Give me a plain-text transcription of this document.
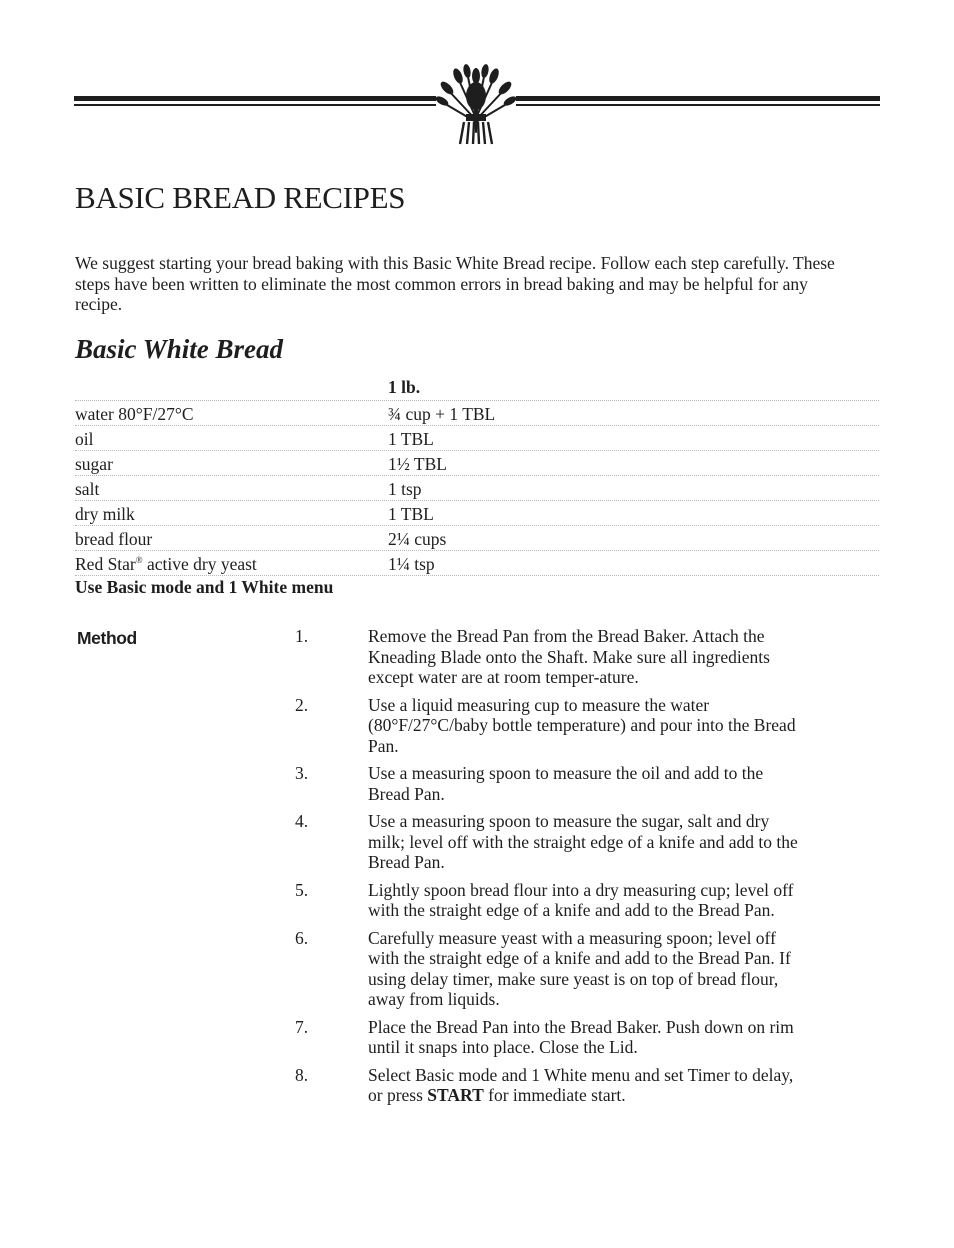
BASIC BREAD RECIPES

We suggest starting your bread baking with this Basic White Bread recipe. Follow each step carefully. These steps have been written to eliminate the most common errors in bread baking and may be helpful for any recipe.

Basic White Bread
1 lb.
water 80°F/27°C	¾ cup + 1 TBL
oil	1 TBL
sugar	1½ TBL
salt	1 tsp
dry milk	1 TBL
bread flour	2¼ cups
Red Star® active dry yeast	1¼ tsp

Use Basic mode and 1 White menu

Method	1.	Remove the Bread Pan from the Bread Baker. Attach the Kneading Blade onto the Shaft. Make sure all ingredients except water are at room temper-ature.
2.	Use a liquid measuring cup to measure the water (80°F/27°C/baby bottle temperature) and pour into the Bread Pan.
3.	Use a measuring spoon to measure the oil and add to the Bread Pan.
4.	Use a measuring spoon to measure the sugar, salt and dry milk; level off with the straight edge of a knife and add to the Bread Pan.
5.	Lightly spoon bread flour into a dry measuring cup; level off with the straight edge of a knife and add to the Bread Pan.
6.	Carefully measure yeast with a measuring spoon; level off with the straight edge of a knife and add to the Bread Pan. If using delay timer, make sure yeast is on top of bread flour, away from liquids.
7.	Place the Bread Pan into the Bread Baker. Push down on rim until it snaps into place. Close the Lid.
8.	Select Basic mode and 1 White menu and set Timer to delay, or press START for immediate start.
